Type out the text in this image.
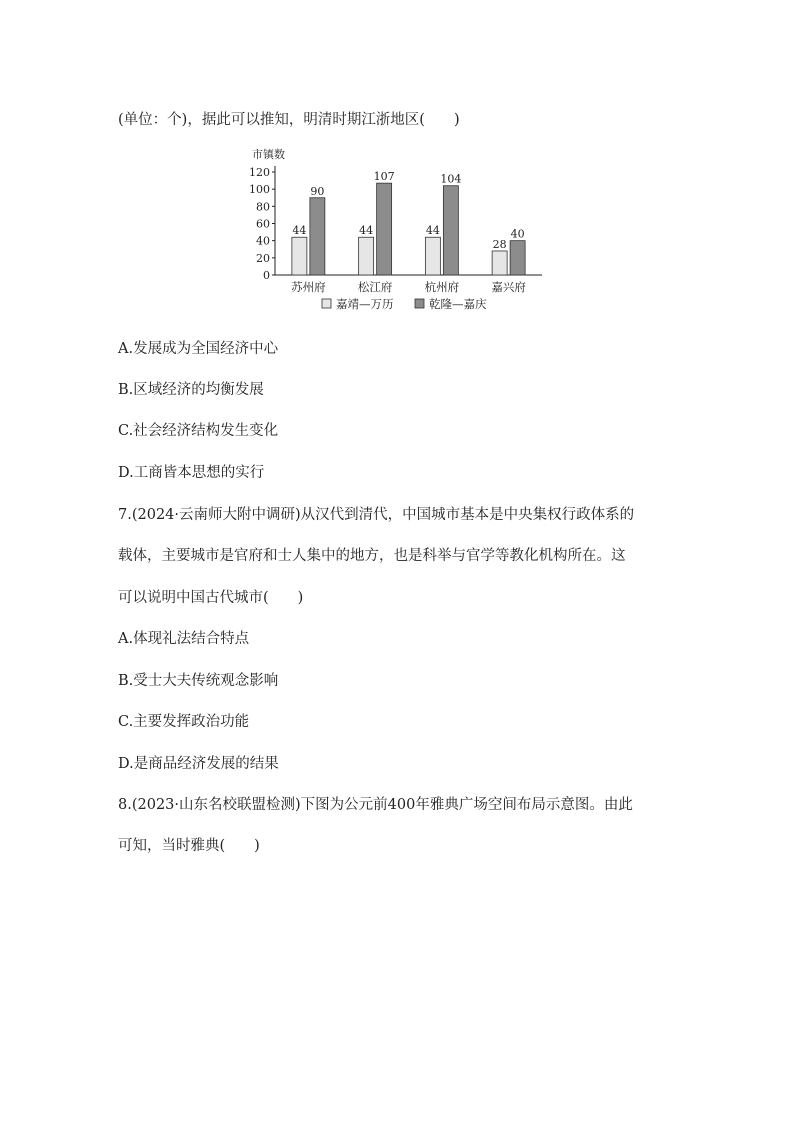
(单位：个)，据此可以推知，明清时期江浙地区(　　)
市镇数
0
20
40
60
80
100
120
44
90
苏州府
44
107
松江府
44
104
杭州府
28
40
嘉兴府
嘉靖—万历	乾隆—嘉庆
A.发展成为全国经济中心
B.区域经济的均衡发展
C.社会经济结构发生变化
D.工商皆本思想的实行
7.(2024·云南师大附中调研)从汉代到清代，中国城市基本是中央集权行政体系的
载体，主要城市是官府和士人集中的地方，也是科举与官学等教化机构所在。这
可以说明中国古代城市(　　)
A.体现礼法结合特点
B.受士大夫传统观念影响
C.主要发挥政治功能
D.是商品经济发展的结果
8.(2023·山东名校联盟检测)下图为公元前400年雅典广场空间布局示意图。由此
可知，当时雅典(　　)
